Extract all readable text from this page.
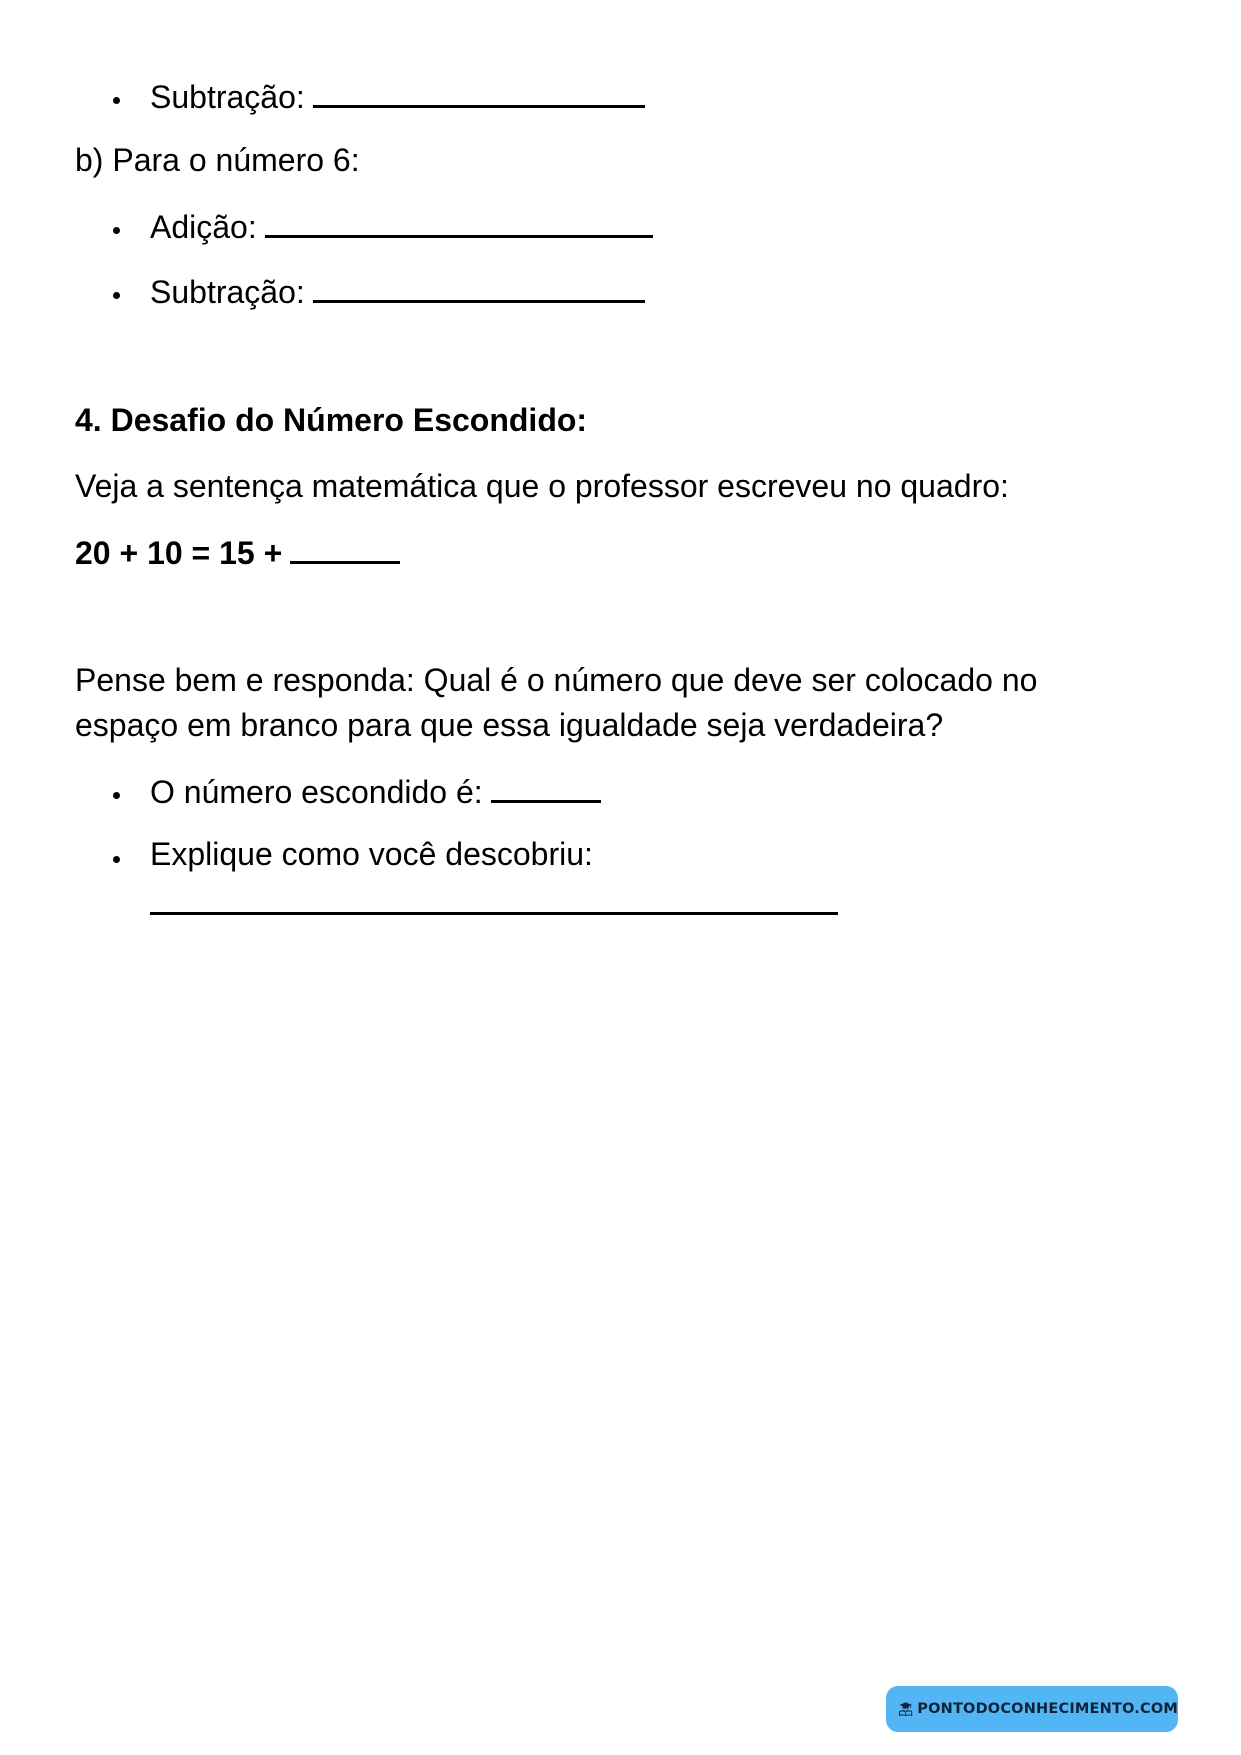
Subtração:
b) Para o número 6:
Adição:
Subtração:
4. Desafio do Número Escondido:
Veja a sentença matemática que o professor escreveu no quadro:
20 + 10 = 15 +
Pense bem e responda: Qual é o número que deve ser colocado no
espaço em branco para que essa igualdade seja verdadeira?
O número escondido é:
Explique como você descobriu:
PONTODOCONHECIMENTO.COM
